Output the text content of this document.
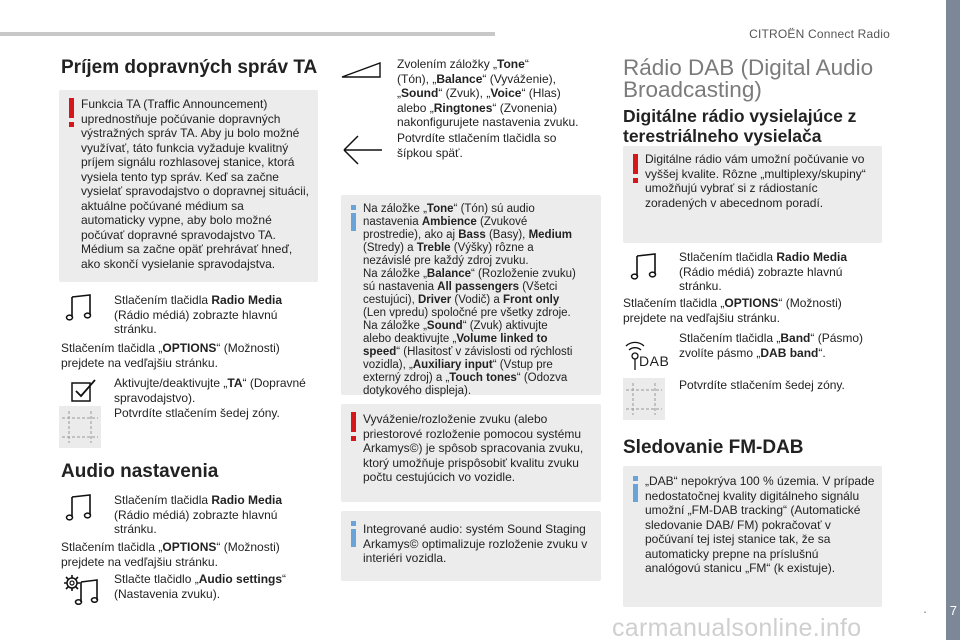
CITROËN Connect Radio
7
.
Príjem dopravných správ TA
Funkcia TA (Traffic Announcement) uprednostňuje počúvanie dopravných výstražných správ TA. Aby ju bolo možné využívať, táto funkcia vyžaduje kvalitný príjem signálu rozhlasovej stanice, ktorá vysiela tento typ správ. Keď sa začne vysielať spravodajstvo o dopravnej situácii, aktuálne počúvané médium sa automaticky vypne, aby bolo možné počúvať dopravné spravodajstvo TA. Médium sa začne opäť prehrávať hneď, ako skončí vysielanie spravodajstva.
Stlačením tlačidla Radio Media (Rádio médiá) zobrazte hlavnú stránku.
Stlačením tlačidla „OPTIONS“ (Možnosti) prejdete na vedľajšiu stránku.
Aktivujte/deaktivujte „TA“ (Dopravné spravodajstvo).
Potvrdíte stlačením šedej zóny.
Audio nastavenia
Stlačením tlačidla Radio Media (Rádio médiá) zobrazte hlavnú stránku.
Stlačením tlačidla „OPTIONS“ (Možnosti) prejdete na vedľajšiu stránku.
Stlačte tlačidlo „Audio settings“ (Nastavenia zvuku).
Zvolením záložky „Tone“
(Tón), „Balance“ (Vyváženie),
„Sound“ (Zvuk), „Voice“ (Hlas)
alebo „Ringtones“ (Zvonenia)
nakonfigurujete nastavenia zvuku.
Potvrdíte stlačením tlačidla so šípkou späť.
Na záložke „Tone“ (Tón) sú audio
nastavenia Ambience (Zvukové
prostredie), ako aj Bass (Basy), Medium
(Stredy) a Treble (Výšky) rôzne a
nezávislé pre každý zdroj zvuku.
Na záložke „Balance“ (Rozloženie zvuku)
sú nastavenia All passengers (Všetci
cestujúci), Driver (Vodič) a Front only
(Len vpredu) spoločné pre všetky zdroje.
Na záložke „Sound“ (Zvuk) aktivujte
alebo deaktivujte „Volume linked to
speed“ (Hlasitosť v závislosti od rýchlosti
vozidla), „Auxiliary input“ (Vstup pre
externý zdroj) a „Touch tones“ (Odozva
dotykového displeja).
Vyváženie/rozloženie zvuku (alebo priestorové rozloženie pomocou systému Arkamys©) je spôsob spracovania zvuku, ktorý umožňuje prispôsobiť kvalitu zvuku počtu cestujúcich vo vozidle.
Integrované audio: systém Sound Staging Arkamys© optimalizuje rozloženie zvuku v interiéri vozidla.
Rádio DAB (Digital Audio Broadcasting)
Digitálne rádio vysielajúce z terestriálneho vysielača
Digitálne rádio vám umožní počúvanie vo vyššej kvalite. Rôzne „multiplexy/skupiny“ umožňujú vybrať si z rádiostaníc zoradených v abecednom poradí.
Stlačením tlačidla Radio Media (Rádio médiá) zobrazte hlavnú stránku.
Stlačením tlačidla „OPTIONS“ (Možnosti) prejdete na vedľajšiu stránku.
DAB
Stlačením tlačidla „Band“ (Pásmo) zvolíte pásmo „DAB band“.
Potvrdíte stlačením šedej zóny.
Sledovanie FM-DAB
„DAB“ nepokrýva 100 % územia. V prípade nedostatočnej kvality digitálneho signálu umožní „FM-DAB tracking“ (Automatické sledovanie DAB/ FM) pokračovať v počúvaní tej istej stanice tak, že sa automaticky prepne na príslušnú analógovú stanicu „FM“ (k existuje).
carmanualsonline.info
